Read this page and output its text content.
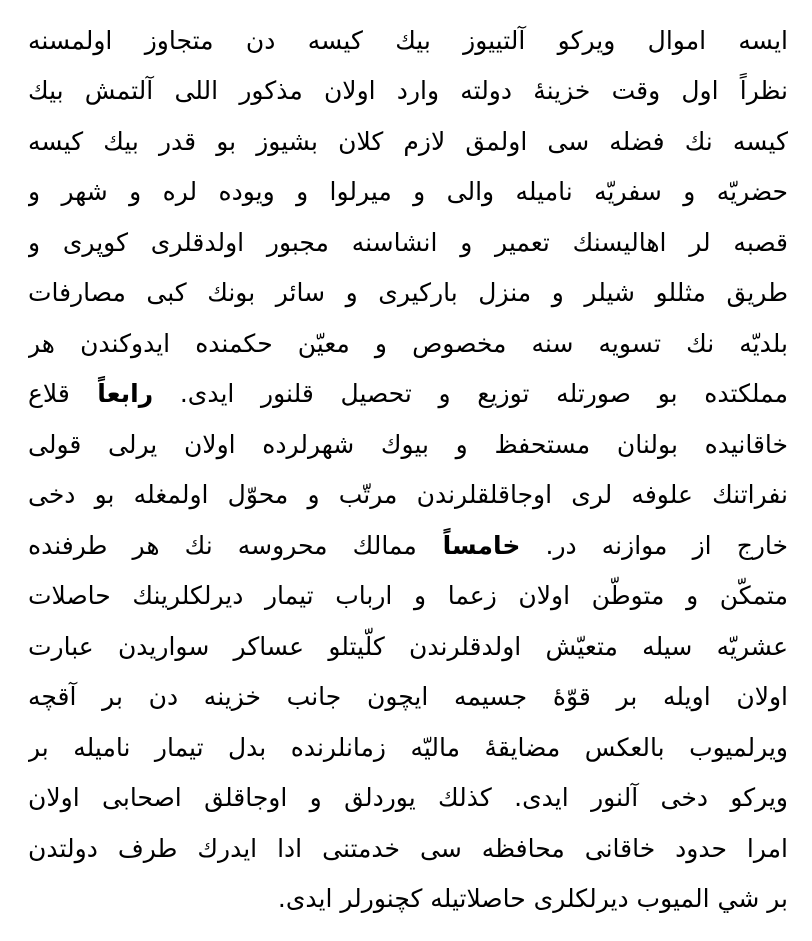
ایسه اموال ویرکو آلتییوز بیك کیسه دن متجاوز اولمسنه
نظراً اول وقت خزینهٔ دولته وارد اولان مذکور اللی آلتمش بیك
کیسه نك فضله سی اولمق لازم کلان بشیوز بو قدر بیك کیسه
حضریّه و سفریّه نامیله والی و میرلوا و ویوده لره و شهر و
قصبه لر اهالیسنك تعمیر و انشاسنه مجبور اولدقلری کوپری و
طریق مثللو شیلر و منزل بارکیری و سائر بونك کبی مصارفات
بلدیّه نك تسویه سنه مخصوص و معیّن حکمنده ایدوکندن هر
مملکتده بو صورتله توزیع و تحصیل قلنور ایدی. رابعاً قلاع
خاقانیده بولنان مستحفظ و بیوك شهرلرده اولان یرلی قولی
نفراتنك علوفه لری اوجاقلقلرندن مرتّب و محوّل اولمغله بو دخی
خارج از موازنه در. خامساً ممالك محروسه نك هر طرفنده
متمکّن و متوطّن اولان زعما و ارباب تیمار دیرلکلرینك حاصلات
عشریّه سیله متعیّش اولدقلرندن کلّیتلو عساکر سواریدن عبارت
اولان اویله بر قوّهٔ جسیمه ایچون جانب خزینه دن بر آقچه
ویرلمیوب بالعکس مضایقهٔ مالیّه زمانلرنده بدل تیمار نامیله بر
ویرکو دخی آلنور ایدی. کذلك یوردلق و اوجاقلق اصحابی اولان
امرا حدود خاقانی محافظه سی خدمتنی ادا ایدرك طرف دولتدن
بر شي الميوب ديرلكلرى حاصلاتيله كچنورلر ايدى.
